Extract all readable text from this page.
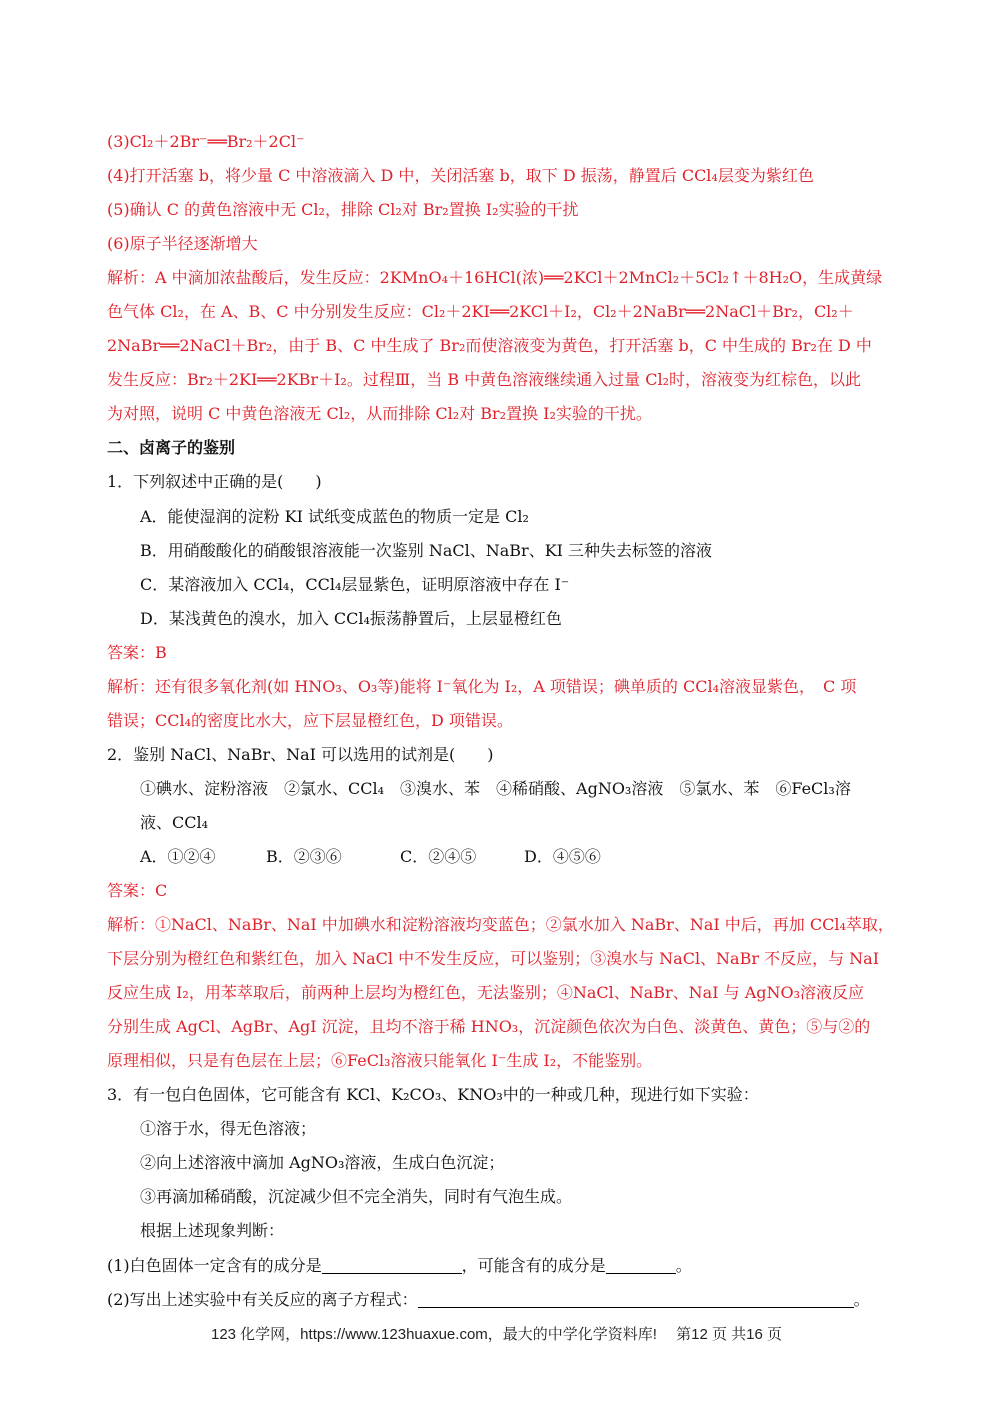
(3)Cl₂＋2Br⁻══Br₂＋2Cl⁻
(4)打开活塞 b，将少量 C 中溶液滴入 D 中，关闭活塞 b，取下 D 振荡，静置后 CCl₄层变为紫红色
(5)确认 C 的黄色溶液中无 Cl₂，排除 Cl₂对 Br₂置换 I₂实验的干扰
(6)原子半径逐渐增大
解析：A 中滴加浓盐酸后，发生反应：2KMnO₄＋16HCl(浓)══2KCl＋2MnCl₂＋5Cl₂↑＋8H₂O，生成黄绿
色气体 Cl₂，在 A、B、C 中分别发生反应：Cl₂＋2KI══2KCl＋I₂，Cl₂＋2NaBr══2NaCl＋Br₂，Cl₂＋
2NaBr══2NaCl＋Br₂，由于 B、C 中生成了 Br₂而使溶液变为黄色，打开活塞 b，C 中生成的 Br₂在 D 中
发生反应：Br₂＋2KI══2KBr＋I₂。过程Ⅲ，当 B 中黄色溶液继续通入过量 Cl₂时，溶液变为红棕色，以此
为对照，说明 C 中黄色溶液无 Cl₂，从而排除 Cl₂对 Br₂置换 I₂实验的干扰。
二、卤离子的鉴别
1．下列叙述中正确的是(　　)
A．能使湿润的淀粉 KI 试纸变成蓝色的物质一定是 Cl₂
B．用硝酸酸化的硝酸银溶液能一次鉴别 NaCl、NaBr、KI 三种失去标签的溶液
C．某溶液加入 CCl₄，CCl₄层显紫色，证明原溶液中存在 I⁻
D．某浅黄色的溴水，加入 CCl₄振荡静置后，上层显橙红色
答案：B
解析：还有很多氧化剂(如 HNO₃、O₃等)能将 I⁻氧化为 I₂，A 项错误；碘单质的 CCl₄溶液显紫色，　C 项
错误；CCl₄的密度比水大，应下层显橙红色，D 项错误。
2．鉴别 NaCl、NaBr、NaI 可以选用的试剂是(　　)
①碘水、淀粉溶液　②氯水、CCl₄　③溴水、苯　④稀硝酸、AgNO₃溶液　⑤氯水、苯　⑥FeCl₃溶
液、CCl₄
A．①②④	B．②③⑥	C．②④⑤	D．④⑤⑥
答案：C
解析：①NaCl、NaBr、NaI 中加碘水和淀粉溶液均变蓝色；②氯水加入 NaBr、NaI 中后，再加 CCl₄萃取，
下层分别为橙红色和紫红色，加入 NaCl 中不发生反应，可以鉴别；③溴水与 NaCl、NaBr 不反应，与 NaI
反应生成 I₂，用苯萃取后，前两种上层均为橙红色，无法鉴别；④NaCl、NaBr、NaI 与 AgNO₃溶液反应
分别生成 AgCl、AgBr、AgI 沉淀，且均不溶于稀 HNO₃，沉淀颜色依次为白色、淡黄色、黄色；⑤与②的
原理相似，只是有色层在上层；⑥FeCl₃溶液只能氧化 I⁻生成 I₂，不能鉴别。
3．有一包白色固体，它可能含有 KCl、K₂CO₃、KNO₃中的一种或几种，现进行如下实验：
①溶于水，得无色溶液；
②向上述溶液中滴加 AgNO₃溶液，生成白色沉淀；
③再滴加稀硝酸，沉淀减少但不完全消失，同时有气泡生成。
根据上述现象判断：
(1)白色固体一定含有的成分是	，可能含有的成分是	。
(2)写出上述实验中有关反应的离子方程式：	。
123 化学网，https://www.123huaxue.com，最大的中学化学资料库!　 第12 页 共16 页
